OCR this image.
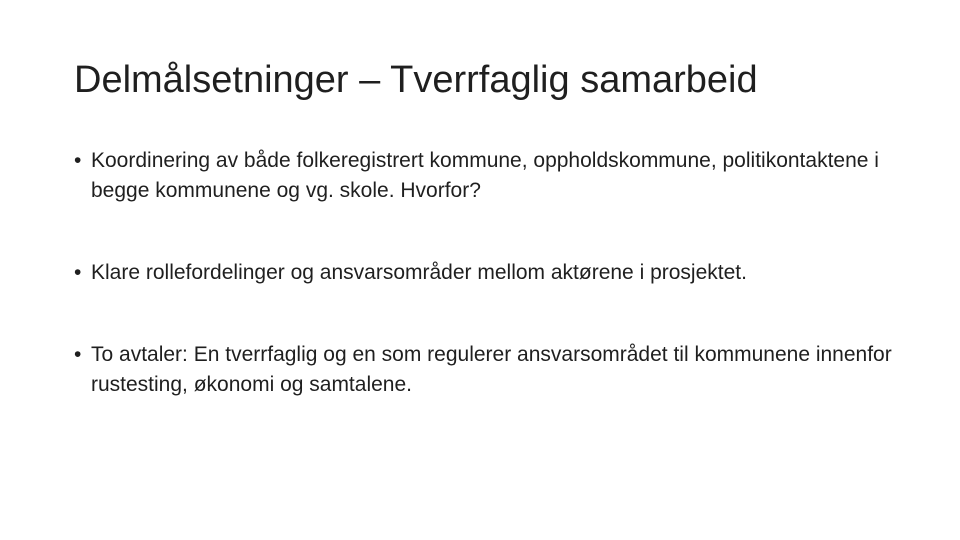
Delmålsetninger – Tverrfaglig samarbeid
• Koordinering av både folkeregistrert kommune, oppholdskommune, politikontaktene i begge kommunene og vg. skole. Hvorfor?
• Klare rollefordelinger og ansvarsområder mellom aktørene i prosjektet.
• To avtaler: En tverrfaglig og en som regulerer ansvarsområdet til kommunene innenfor rustesting, økonomi og samtalene.
